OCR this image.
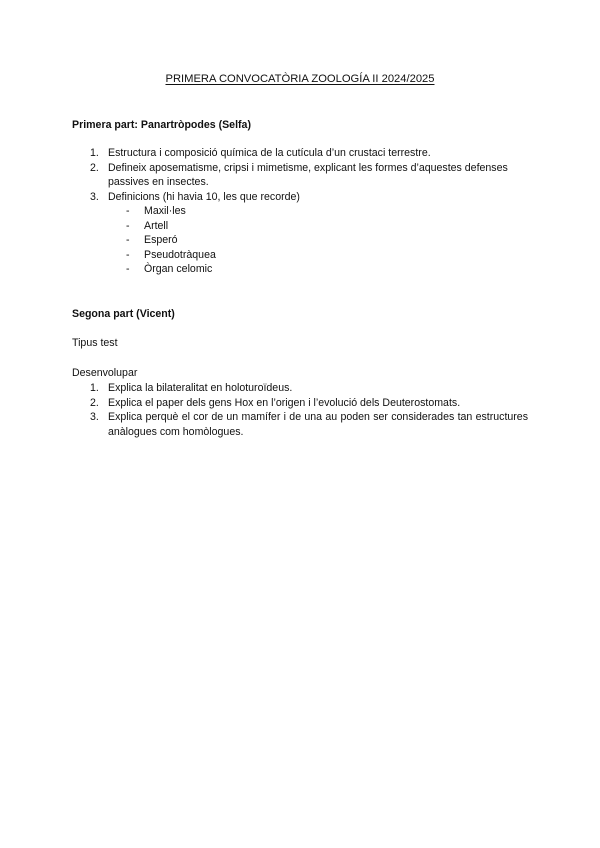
PRIMERA CONVOCATÒRIA ZOOLOGÍA II 2024/2025
Primera part: Panartròpodes (Selfa)
1. Estructura i composició química de la cutícula d’un crustaci terrestre.
2. Defineix aposematisme, cripsi i mimetisme, explicant les formes d’aquestes defenses passives en insectes.
3. Definicions (hi havia 10, les que recorde)
- Maxil·les
- Artell
- Esperó
- Pseudotràquea
- Òrgan celomic
Segona part (Vicent)
Tipus test
Desenvolupar
1. Explica la bilateralitat en holoturoïdeus.
2. Explica el paper dels gens Hox en l’origen i l’evolució dels Deuterostomats.
3. Explica perquè el cor de un mamífer i de una au poden ser considerades tan estructures anàlogues com homòlogues.
